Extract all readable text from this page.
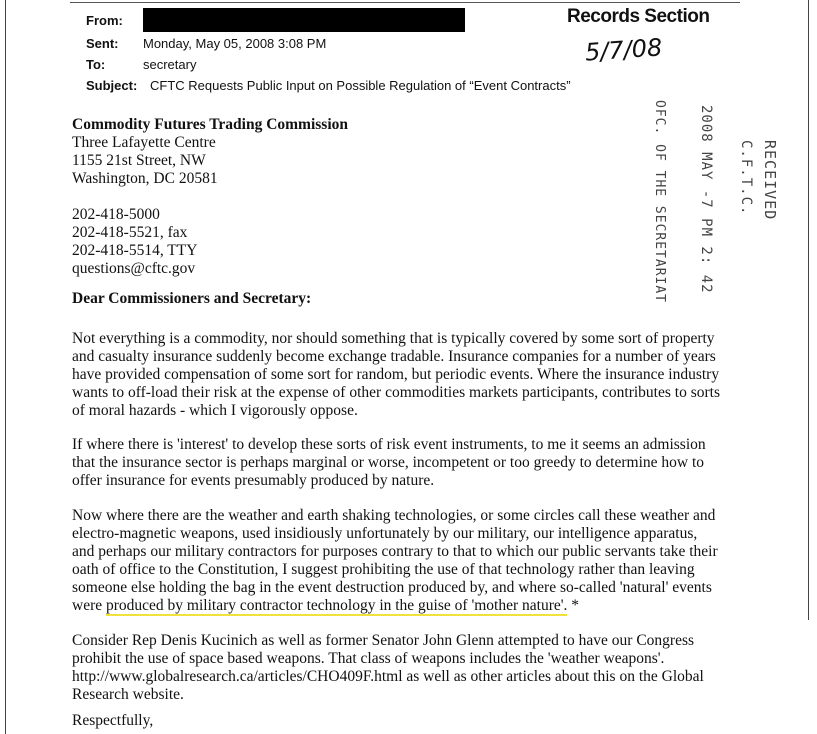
From:
Sent: Monday, May 05, 2008 3:08 PM
To:	secretary
Subject: CFTC Requests Public Input on Possible Regulation of “Event Contracts”
Records Section
5/7/08
RECEIVED
C.F.T.C.
2008 MAY -7 PM 2: 42
OFC. OF THE SECRETARIAT
Commodity Futures Trading Commission
Three Lafayette Centre
1155 21st Street, NW
Washington, DC 20581
202-418-5000
202-418-5521, fax
202-418-5514, TTY
questions@cftc.gov
Dear Commissioners and Secretary:
Not everything is a commodity, nor should something that is typically covered by some sort of property
and casualty insurance suddenly become exchange tradable. Insurance companies for a number of years
have provided compensation of some sort for random, but periodic events. Where the insurance industry
wants to off-load their risk at the expense of other commodities markets participants, contributes to sorts
of moral hazards - which I vigorously oppose.
If where there is 'interest' to develop these sorts of risk event instruments, to me it seems an admission
that the insurance sector is perhaps marginal or worse, incompetent or too greedy to determine how to
offer insurance for events presumably produced by nature.
Now where there are the weather and earth shaking technologies, or some circles call these weather and
electro-magnetic weapons, used insidiously unfortunately by our military, our intelligence apparatus,
and perhaps our military contractors for purposes contrary to that to which our public servants take their
oath of office to the Constitution, I suggest prohibiting the use of that technology rather than leaving
someone else holding the bag in the event destruction produced by, and where so-called 'natural' events
were produced by military contractor technology in the guise of 'mother nature'. *
Consider Rep Denis Kucinich as well as former Senator John Glenn attempted to have our Congress
prohibit the use of space based weapons. That class of weapons includes the 'weather weapons'.
http://www.globalresearch.ca/articles/CHO409F.html as well as other articles about this on the Global
Research website.
Respectfully,
